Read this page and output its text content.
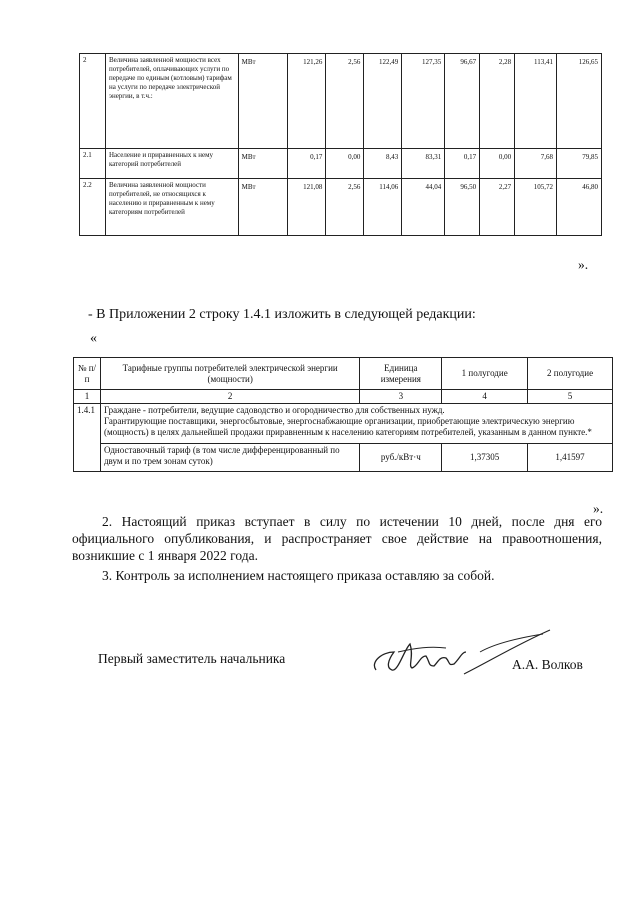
2	Величина заявленной мощности всех потребителей, оплачивающих услуги по передаче по единым (котловым) тарифам на услуги по передаче электрической энергии, в т.ч.:	МВт	121,26	2,56	122,49	127,35	96,67	2,28	113,41	126,65
2.1	Население и приравненных к нему категорий потребителей	МВт	0,17	0,00	8,43	83,31	0,17	0,00	7,68	79,85
2.2	Величина заявленной мощности потребителей, не относящихся к населению и приравненным к нему категориям потребителей	МВт	121,08	2,56	114,06	44,04	96,50	2,27	105,72	46,80
».
- В Приложении 2 строку 1.4.1 изложить в следующей редакции:
«
№ п/п	Тарифные группы потребителей электрической энергии (мощности)	Единица измерения	1 полугодие	2 полугодие
1	2	3	4	5
1.4.1	Граждане - потребители, ведущие садоводство и огородничество для собственных нужд.
Гарантирующие поставщики, энергосбытовые, энергоснабжающие организации, приобретающие электрическую энергию (мощность) в целях дальнейшей продажи приравненным к населению категориям потребителей, указанным в данном пункте.*			

	Одноставочный тариф (в том числе дифференцированный по двум и по трем зонам суток)	руб./кВт·ч	1,37305	1,41597
».
2. Настоящий приказ вступает в силу по истечении 10 дней, после дня его официального опубликования, и распространяет свое действие на правоотношения, возникшие с 1 января 2022 года.
3. Контроль за исполнением настоящего приказа оставляю за собой.
Первый заместитель начальника	А.А. Волков
